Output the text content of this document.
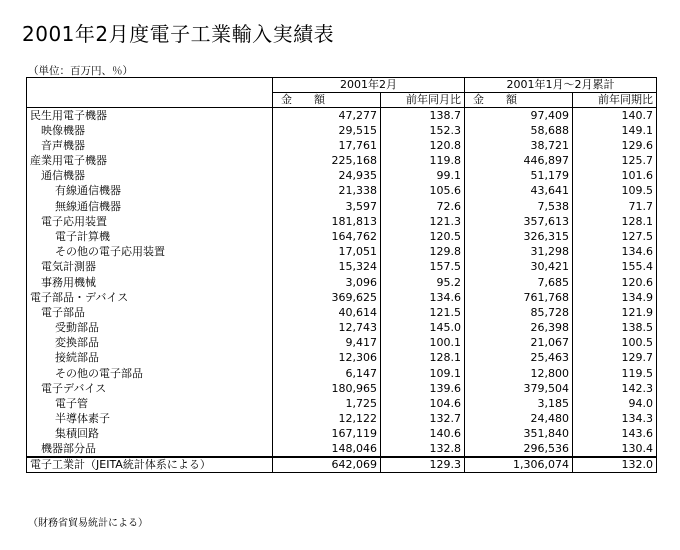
2001年2月度電子工業輸入実績表
（単位：百万円、％）
	2001年2月		2001年1月～2月累計	
	金　　額	前年同月比	金　　額	前年同期比
民生用電子機器	47,277	138.7	97,409	140.7
映像機器	29,515	152.3	58,688	149.1
音声機器	17,761	120.8	38,721	129.6
産業用電子機器	225,168	119.8	446,897	125.7
通信機器	24,935	99.1	51,179	101.6
有線通信機器	21,338	105.6	43,641	109.5
無線通信機器	3,597	72.6	7,538	71.7
電子応用装置	181,813	121.3	357,613	128.1
電子計算機	164,762	120.5	326,315	127.5
その他の電子応用装置	17,051	129.8	31,298	134.6
電気計測器	15,324	157.5	30,421	155.4
事務用機械	3,096	95.2	7,685	120.6
電子部品・デバイス	369,625	134.6	761,768	134.9
電子部品	40,614	121.5	85,728	121.9
受動部品	12,743	145.0	26,398	138.5
変換部品	9,417	100.1	21,067	100.5
接続部品	12,306	128.1	25,463	129.7
その他の電子部品	6,147	109.1	12,800	119.5
電子デバイス	180,965	139.6	379,504	142.3
電子管	1,725	104.6	3,185	94.0
半導体素子	12,122	132.7	24,480	134.3
集積回路	167,119	140.6	351,840	143.6
機器部分品	148,046	132.8	296,536	130.4
電子工業計（JEITA統計体系による）	642,069	129.3	1,306,074	132.0
（財務省貿易統計による）
